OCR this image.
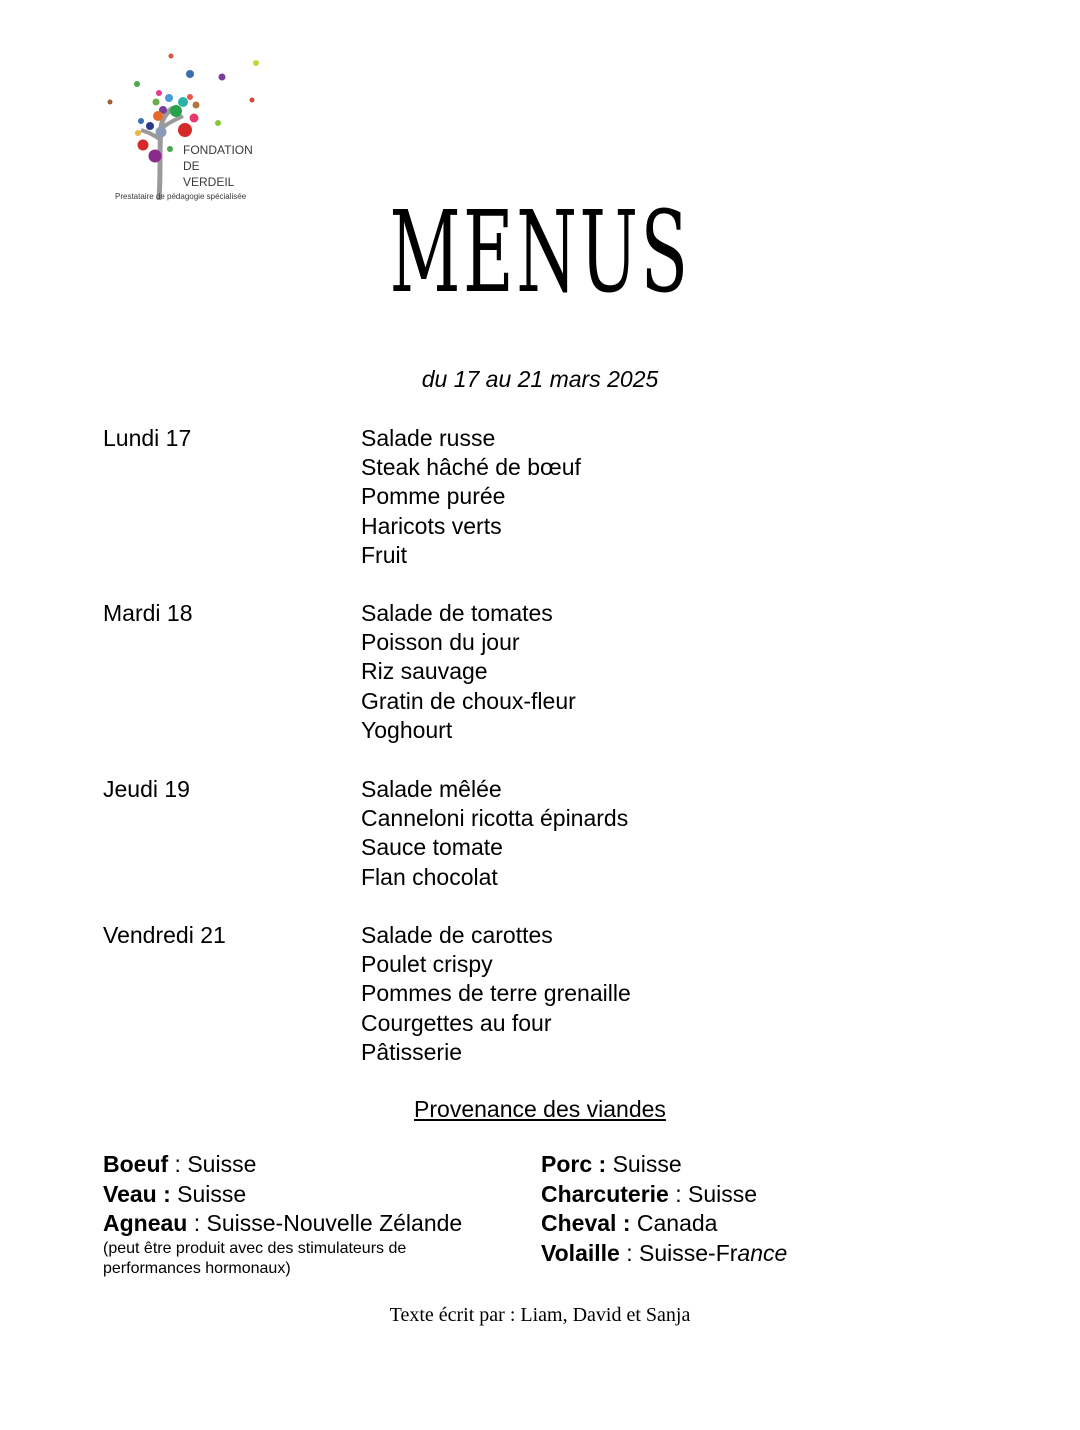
FONDATION
DE
VERDEIL
Prestataire de pédagogie spécialisée	MENUS
du 17 au 21 mars 2025
Lundi 17	Salade russe
Steak hâché de bœuf
Pomme purée
Haricots verts
Fruit
Mardi 18	Salade de tomates
Poisson du jour
Riz sauvage
Gratin de choux-fleur
Yoghourt
Jeudi 19	Salade mêlée
Canneloni ricotta épinards
Sauce tomate
Flan chocolat
Vendredi 21	Salade de carottes
Poulet crispy
Pommes de terre grenaille
Courgettes au four
Pâtisserie
Provenance des viandes
Boeuf : Suisse
Veau : Suisse
Agneau : Suisse-Nouvelle Zélande
(peut être produit avec des stimulateurs de
performances hormonaux)
Porc : Suisse
Charcuterie : Suisse
Cheval : Canada
Volaille : Suisse-France
Texte écrit par : Liam, David et Sanja
